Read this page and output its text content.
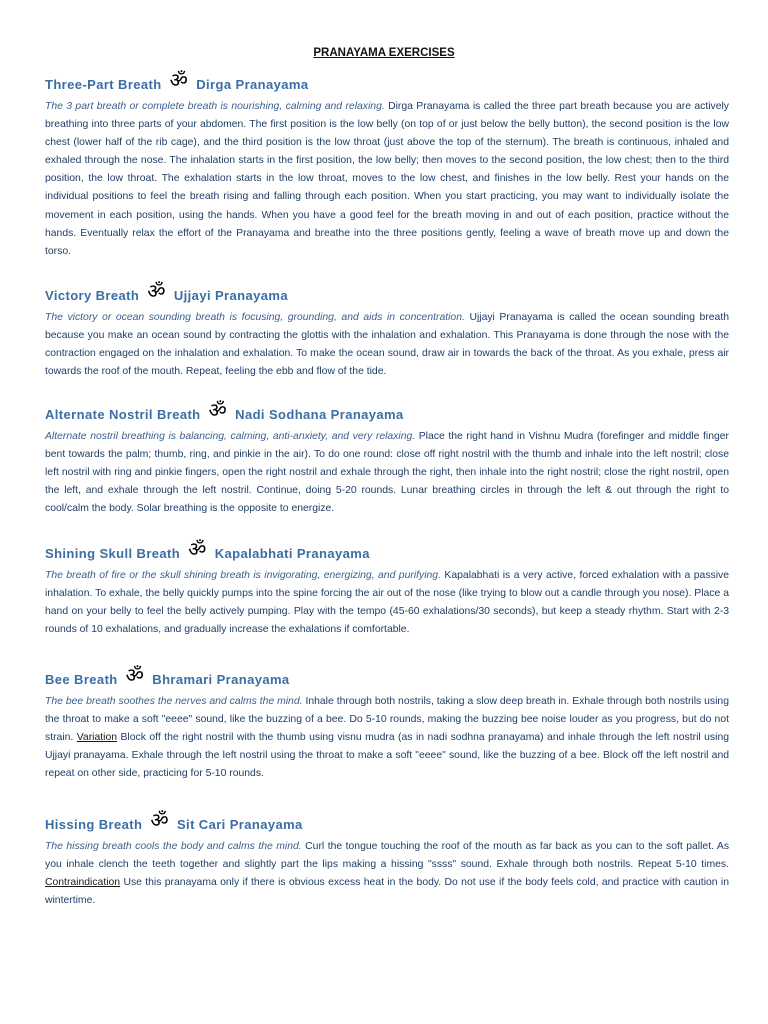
PRANAYAMA EXERCISES
Three-Part Breath ॐ Dirga Pranayama

The 3 part breath or complete breath is nourishing, calming and relaxing. Dirga Pranayama is called the three part breath because you are actively breathing into three parts of your abdomen. The first position is the low belly (on top of or just below the belly button), the second position is the low chest (lower half of the rib cage), and the third position is the low throat (just above the top of the sternum). The breath is continuous, inhaled and exhaled through the nose. The inhalation starts in the first position, the low belly; then moves to the second position, the low chest; then to the third position, the low throat. The exhalation starts in the low throat, moves to the low chest, and finishes in the low belly. Rest your hands on the individual positions to feel the breath rising and falling through each position. When you start practicing, you may want to individually isolate the movement in each position, using the hands. When you have a good feel for the breath moving in and out of each position, practice without the hands. Eventually relax the effort of the Pranayama and breathe into the three positions gently, feeling a wave of breath move up and down the torso.

Victory Breath ॐ Ujjayi Pranayama

The victory or ocean sounding breath is focusing, grounding, and aids in concentration. Ujjayi Pranayama is called the ocean sounding breath because you make an ocean sound by contracting the glottis with the inhalation and exhalation. This Pranayama is done through the nose with the contraction engaged on the inhalation and exhalation. To make the ocean sound, draw air in towards the back of the throat. As you exhale, press air towards the roof of the mouth. Repeat, feeling the ebb and flow of the tide.

Alternate Nostril Breath ॐ Nadi Sodhana Pranayama

Alternate nostril breathing is balancing, calming, anti-anxiety, and very relaxing. Place the right hand in Vishnu Mudra (forefinger and middle finger bent towards the palm; thumb, ring, and pinkie in the air). To do one round: close off right nostril with the thumb and inhale into the left nostril; close left nostril with ring and pinkie fingers, open the right nostril and exhale through the right, then inhale into the right nostril; close the right nostril, open the left, and exhale through the left nostril. Continue, doing 5-20 rounds. Lunar breathing circles in through the left & out through the right to cool/calm the body. Solar breathing is the opposite to energize.

Shining Skull Breath ॐ Kapalabhati Pranayama

The breath of fire or the skull shining breath is invigorating, energizing, and purifying. Kapalabhati is a very active, forced exhalation with a passive inhalation. To exhale, the belly quickly pumps into the spine forcing the air out of the nose (like trying to blow out a candle through you nose). Place a hand on your belly to feel the belly actively pumping. Play with the tempo (45-60 exhalations/30 seconds), but keep a steady rhythm. Start with 2-3 rounds of 10 exhalations, and gradually increase the exhalations if comfortable.

Bee Breath ॐ Bhramari Pranayama

The bee breath soothes the nerves and calms the mind. Inhale through both nostrils, taking a slow deep breath in. Exhale through both nostrils using the throat to make a soft "eeee" sound, like the buzzing of a bee. Do 5-10 rounds, making the buzzing bee noise louder as you progress, but do not strain. Variation Block off the right nostril with the thumb using visnu mudra (as in nadi sodhna pranayama) and inhale through the left nostril using Ujjayi pranayama. Exhale through the left nostril using the throat to make a soft "eeee" sound, like the buzzing of a bee. Block off the left nostril and repeat on other side, practicing for 5-10 rounds.

Hissing Breath ॐ Sit Cari Pranayama

The hissing breath cools the body and calms the mind. Curl the tongue touching the roof of the mouth as far back as you can to the soft pallet. As you inhale clench the teeth together and slightly part the lips making a hissing "ssss" sound. Exhale through both nostrils. Repeat 5-10 times. Contraindication Use this pranayama only if there is obvious excess heat in the body. Do not use if the body feels cold, and practice with caution in wintertime.
